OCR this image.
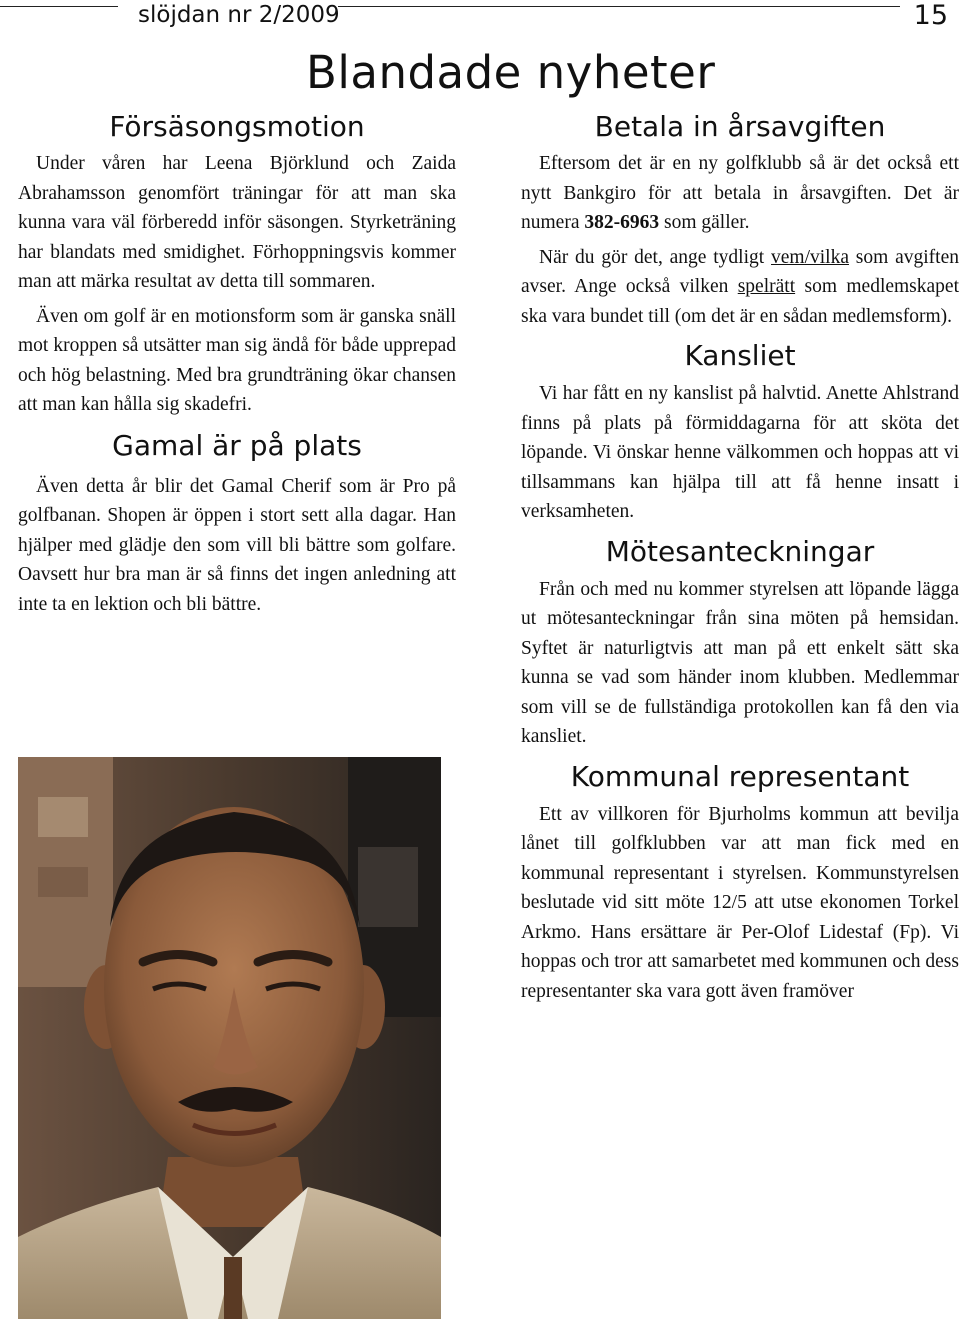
slöjdan nr 2/2009	15
Blandade nyheter
Försäsongsmotion

Under våren har Leena Björklund och Zaida Abrahamsson genomfört träningar för att man ska kunna vara väl förberedd inför säsongen. Styrketräning har blandats med smidighet. Förhoppningsvis kommer man att märka resultat av detta till sommaren.

Även om golf är en motionsform som är ganska snäll mot kroppen så utsätter man sig ändå för både upprepad och hög belastning. Med bra grundträning ökar chansen att man kan hålla sig skadefri.

Gamal är på plats

Även detta år blir det Gamal Cherif som är Pro på golfbanan. Shopen är öppen i stort sett alla dagar. Han hjälper med glädje den som vill bli bättre som golfare. Oavsett hur bra man är så finns det ingen anledning att inte ta en lektion och bli bättre.

Betala in årsavgiften

Eftersom det är en ny golfklubb så är det också ett nytt Bankgiro för att betala in årsavgiften. Det är numera 382-6963 som gäller.

När du gör det, ange tydligt vem/vilka som avgiften avser. Ange också vilken spelrätt som medlemskapet ska vara bundet till (om det är en sådan medlemsform).

Kansliet

Vi har fått en ny kanslist på halvtid. Anette Ahlstrand finns på plats på förmiddagarna för att sköta det löpande. Vi önskar henne välkommen och hoppas att vi tillsammans kan hjälpa till att få henne insatt i verksamheten.

Mötesanteckningar

Från och med nu kommer styrelsen att löpande lägga ut mötesanteckningar från sina möten på hemsidan. Syftet är naturligtvis att man på ett enkelt sätt ska kunna se vad som händer inom klubben. Medlemmar som vill se de fullständiga protokollen kan få den via kansliet.

Kommunal representant

Ett av villkoren för Bjurholms kommun att bevilja lånet till golfklubben var att man fick med en kommunal representant i styrelsen. Kommunstyrelsen beslutade vid sitt möte 12/5 att utse ekonomen Torkel Arkmo. Hans ersättare är Per-Olof Lidestaf (Fp). Vi hoppas och tror att samarbetet med kommunen och dess representanter ska vara gott även framöver
